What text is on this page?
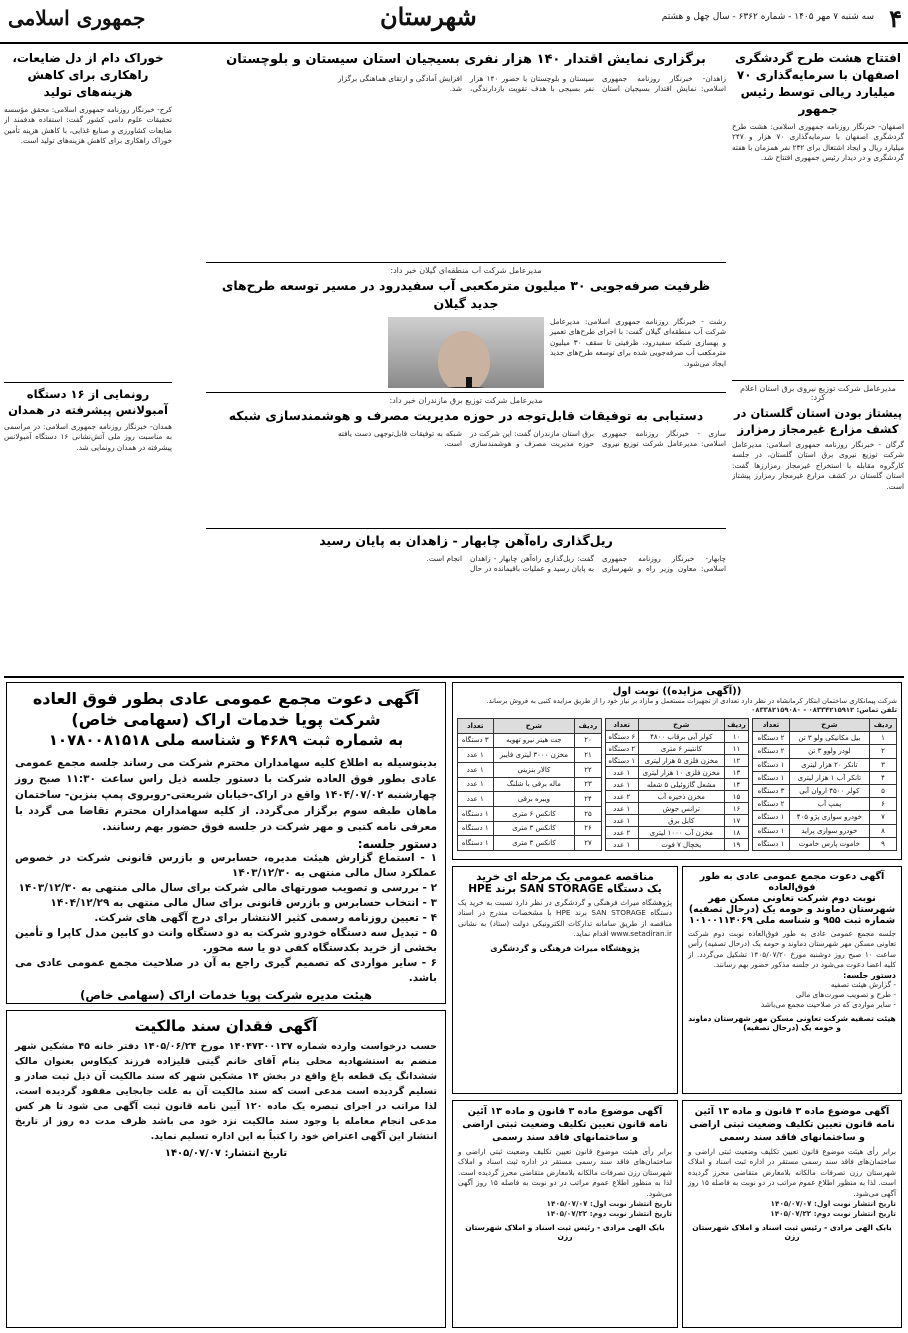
۴
سه شنبه ۷ مهر ۱۴۰۵ - شماره ۶۳۶۲ - سال چهل و هشتم
شهرستان
جمهوری اسلامی
افتتاح هشت طرح گردشگری اصفهان با سرمایه‌گذاری ۷۰ میلیارد ریالی توسط رئیس جمهور
اصفهان- خبرنگار روزنامه جمهوری اسلامی: هشت طرح گردشگری اصفهان با سرمایه‌گذاری ۷۰ هزار و ۲۴۷ میلیارد ریال و ایجاد اشتغال برای ۲۳۲ نفر همزمان با هفته گردشگری و در دیدار رئیس جمهوری افتتاح شد.
مدیرعامل شرکت توزیع نیروی برق استان اعلام کرد:
پیشتاز بودن استان گلستان در کشف مزارع غیرمجاز رمزارز
گرگان - خبرنگار روزنامه جمهوری اسلامی: مدیرعامل شرکت توزیع نیروی برق استان گلستان، در جلسه کارگروه مقابله با استخراج غیرمجاز رمزارزها گفت: استان گلستان در کشف مزارع غیرمجاز رمزارز پیشتاز است.
برگزاری نمایش اقتدار ۱۴۰ هزار نفری بسیجیان استان سیستان و بلوچستان
زاهدان- خبرنگار روزنامه جمهوری اسلامی: نمایش اقتدار بسیجیان استان سیستان و بلوچستان با حضور ۱۴۰ هزار نفر بسیجی با هدف تقویت بازدارندگی، افزایش آمادگی و ارتقای هماهنگی برگزار شد.
مدیرعامل شرکت آب منطقه‌ای گیلان خبر داد:
ظرفیت صرفه‌جویی ۳۰ میلیون مترمکعبی آب سفیدرود در مسیر توسعه طرح‌های جدید گیلان
رشت - خبرنگار روزنامه جمهوری اسلامی: مدیرعامل شرکت آب منطقه‌ای گیلان گفت: با اجرای طرح‌های تعمیر و بهسازی شبکه سفیدرود، ظرفیتی تا سقف ۳۰ میلیون مترمکعب آب صرفه‌جویی شده برای توسعه طرح‌های جدید ایجاد می‌شود.
مدیرعامل شرکت توزیع برق مازندران خبر داد:
دستیابی به توفیقات قابل‌توجه در حوزه مدیریت مصرف و هوشمندسازی شبکه
ساری - خبرنگار روزنامه جمهوری اسلامی: مدیرعامل شرکت توزیع نیروی برق استان مازندران گفت: این شرکت در حوزه مدیریت مصرف و هوشمندسازی شبکه به توفیقات قابل‌توجهی دست یافته است.
ریل‌گذاری راه‌آهن چابهار - زاهدان به پایان رسید
چابهار- خبرنگار روزنامه جمهوری اسلامی: معاون وزیر راه و شهرسازی گفت: ریل‌گذاری راه‌آهن چابهار - زاهدان به پایان رسید و عملیات باقیمانده در حال انجام است.
خوراک دام از دل ضایعات، راهکاری برای کاهش هزینه‌های تولید
کرج- خبرنگار روزنامه جمهوری اسلامی: محقق مؤسسه تحقیقات علوم دامی کشور گفت: استفاده هدفمند از ضایعات کشاورزی و صنایع غذایی، با کاهش هزینه تأمین خوراک راهکاری برای کاهش هزینه‌های تولید است.
رونمایی از ۱۶ دستگاه آمبولانس پیشرفته در همدان
همدان- خبرنگار روزنامه جمهوری اسلامی: در مراسمی به مناسبت روز ملی آتش‌نشانی ۱۶ دستگاه آمبولانس پیشرفته در همدان رونمایی شد.
آگهی دعوت مجمع عمومی عادی بطور فوق العاده
شرکت پویا خدمات اراک (سهامی خاص)
به شماره ثبت ۴۶۸۹ و شناسه ملی ۱۰۷۸۰۰۸۱۵۱۸
بدینوسیله به اطلاع کلیه سهامداران محترم شرکت می رساند جلسه مجمع عمومی عادی بطور فوق العاده شرکت با دستور جلسه ذیل راس ساعت ۱۱:۳۰ صبح روز چهارشنبه ۱۴۰۴/۰۷/۰۲ واقع در اراک-خیابان شریعتی-روبروی پمپ بنزین- ساختمان ماهان طبقه سوم برگزار می‌گردد. از کلیه سهامداران محترم تقاضا می گردد با معرفی نامه کتبی و مهر شرکت در جلسه فوق حضور بهم رسانند.
دستور جلسه:
۱ - استماع گزارش هیئت مدیره، حسابرس و بازرس قانونی شرکت در خصوص عملکرد سال مالی منتهی به ۱۴۰۳/۱۲/۳۰
۲ - بررسی و تصویب صورتهای مالی شرکت برای سال مالی منتهی به ۱۴۰۳/۱۲/۳۰
۳ - انتخاب حسابرس و بازرس قانونی برای سال مالی منتهی به ۱۴۰۴/۱۲/۲۹
۴ - تعیین روزنامه رسمی کثیر الانتشار برای درج آگهی های شرکت.
۵ - تبدیل سه دستگاه خودرو شرکت به دو دستگاه وانت دو کابین مدل کاپرا و تأمین بخشی از خرید بکدستگاه کفی دو یا سه محور.
۶ - سایر مواردی که تصمیم گیری راجع به آن در صلاحیت مجمع عمومی عادی می باشد.
هیئت مدیره شرکت پویا خدمات اراک (سهامی خاص)
آگهی فقدان سند مالکیت
حسب درخواست وارده شماره ۱۴۰۴۷۳۰۰۱۳۷ مورخ ۱۴۰۵/۰۶/۲۴ دفتر خانه ۴۵ مشکین شهر منضم به استشهادیه محلی بنام آقای خانم گیتی قلیزاده فرزند کیکاوس بعنوان مالک ششدانگ یک قطعه باغ واقع در بخش ۱۴ مشکین شهر که سند مالکیت آن ذیل ثبت صادر و تسلیم گردیده است مدعی است که سند مالکیت آن به علت جابجایی مفقود گردیده است. لذا مراتب در اجرای تبصره یک ماده ۱۲۰ آیین نامه قانون ثبت آگهی می شود تا هر کس مدعی انجام معامله یا وجود سند مالکیت نزد خود می باشد ظرف مدت ده روز از تاریخ انتشار این آگهی اعتراض خود را کتباً به این اداره تسلیم نماید.
تاریخ انتشار: ۱۴۰۵/۰۷/۰۷
((آگهی مزایده)) نوبت اول
شرکت پیمانکاری ساختمان ابتکار کرمانشاه در نظر دارد تعدادی از تجهیزات مستعمل و مازاد بر نیاز خود را از طریق مزایده کتبی به فروش برساند.
تلفن تماس: ۰۸۳۳۴۲۱۵۹۱۲ - ۰۸۳۳۸۲۱۵۹۰۸۰
ردیف	شرح	تعداد
۱	بیل مکانیکی ولو ۳ تن	۲ دستگاه
۲	لودر ولوو ۳ تن	۲ دستگاه
۳	تانکر ۲۰ هزار لیتری	۱ دستگاه
۴	تانکر آب ۱ هزار لیتری	۱ دستگاه
۵	کولر ۴۵۰۰ اروان آبی	۳ دستگاه
۶	پمپ آب	۲ دستگاه
۷	خودرو سواری پژو ۴۰۵	۱ دستگاه
۸	خودرو سواری پراید	۱ دستگاه
۹	خاموت پارس خاموت	۱ دستگاه
ردیف	شرح	تعداد
۱۰	کولر آبی برقاب ۴۸۰۰	۶ دستگاه
۱۱	کانتینر ۶ متری	۲ دستگاه
۱۲	مخزن فلزی ۵ هزار لیتری	۱ دستگاه
۱۳	مخزن فلزی ۱۰ هزار لیتری	۱ عدد
۱۴	مشعل گازوئیلی ۵ شعله	۱ عدد
۱۵	مخزن ذخیره آب	۲ عدد
۱۶	ترانس جوش	۱ عدد
۱۷	کابل برق	۱ عدد
۱۸	مخزن آب ۱۰۰۰ لیتری	۲ عدد
۱۹	یخچال ۷ فوت	۱ عدد
ردیف	شرح	تعداد
۲۰	جت هیتر نیرو تهویه	۳ دستگاه
۲۱	مخزن ۳۰۰۰ لیتری فایبر	۱ عدد
۲۲	کالار بنزینی	۱ عدد
۲۳	ماله برقی با شلنگ	۱ عدد
۲۴	ویبره برقی	۱ عدد
۲۵	کانکس ۶ متری	۱ دستگاه
۲۶	کانکس ۳ متری	۱ دستگاه
۲۷	کانکس ۳ متری	۱ دستگاه
مناقصه عمومی یک مرحله ای خرید
یک دستگاه SAN STORAGE برند HPE
پژوهشگاه میراث فرهنگی و گردشگری در نظر دارد نسبت به خرید یک دستگاه SAN STORAGE برند HPE با مشخصات مندرج در اسناد مناقصه از طریق سامانه تدارکات الکترونیکی دولت (ستاد) به نشانی www.setadiran.ir اقدام نماید.
پژوهشگاه میراث فرهنگی و گردشگری
آگهی دعوت مجمع عمومی عادی به طور فوق‌العاده
نوبت دوم شرکت تعاونی مسکن مهر
شهرستان دماوند و حومه یک (درحال تصفیه)
شماره ثبت ۹۵۵ و شناسه ملی ۱۰۱۰۰۱۱۴۰۶۹
جلسه مجمع عمومی عادی به طور فوق‌العاده نوبت دوم شرکت تعاونی مسکن مهر شهرستان دماوند و حومه یک (درحال تصفیه) رأس ساعت ۱۰ صبح روز دوشنبه مورخ ۱۴۰۵/۰۷/۲۰ تشکیل می‌گردد. از کلیه اعضا دعوت می‌شود در جلسه مذکور حضور بهم رسانند.
دستور جلسه:
- گزارش هیئت تصفیه
- طرح و تصویب صورت‌های مالی
- سایر مواردی که در صلاحیت مجمع می‌باشد
هیئت تصفیه شرکت تعاونی مسکن مهر شهرستان دماوند و حومه یک (درحال تصفیه)
آگهی موضوع ماده ۳ قانون و ماده ۱۳ آئین نامه قانون تعیین تکلیف وضعیت ثبتی اراضی و ساختمانهای فاقد سند رسمی
برابر رأی هیئت موضوع قانون تعیین تکلیف وضعیت ثبتی اراضی و ساختمان‌های فاقد سند رسمی مستقر در اداره ثبت اسناد و املاک شهرستان رزن تصرفات مالکانه بلامعارض متقاضی محرز گردیده است. لذا به منظور اطلاع عموم مراتب در دو نوبت به فاصله ۱۵ روز آگهی می‌شود.
تاریخ انتشار نوبت اول: ۱۴۰۵/۰۷/۰۷
تاریخ انتشار نوبت دوم: ۱۴۰۵/۰۷/۲۲
بابک الهی مرادی - رئیس ثبت اسناد و املاک شهرستان رزن
آگهی موضوع ماده ۳ قانون و ماده ۱۳ آئین نامه قانون تعیین تکلیف وضعیت ثبتی اراضی و ساختمانهای فاقد سند رسمی
برابر رأی هیئت موضوع قانون تعیین تکلیف وضعیت ثبتی اراضی و ساختمان‌های فاقد سند رسمی مستقر در اداره ثبت اسناد و املاک شهرستان رزن تصرفات مالکانه بلامعارض متقاضی محرز گردیده است. لذا به منظور اطلاع عموم مراتب در دو نوبت به فاصله ۱۵ روز آگهی می‌شود.
تاریخ انتشار نوبت اول: ۱۴۰۵/۰۷/۰۷
تاریخ انتشار نوبت دوم: ۱۴۰۵/۰۷/۲۲
بابک الهی مرادی - رئیس ثبت اسناد و املاک شهرستان رزن
